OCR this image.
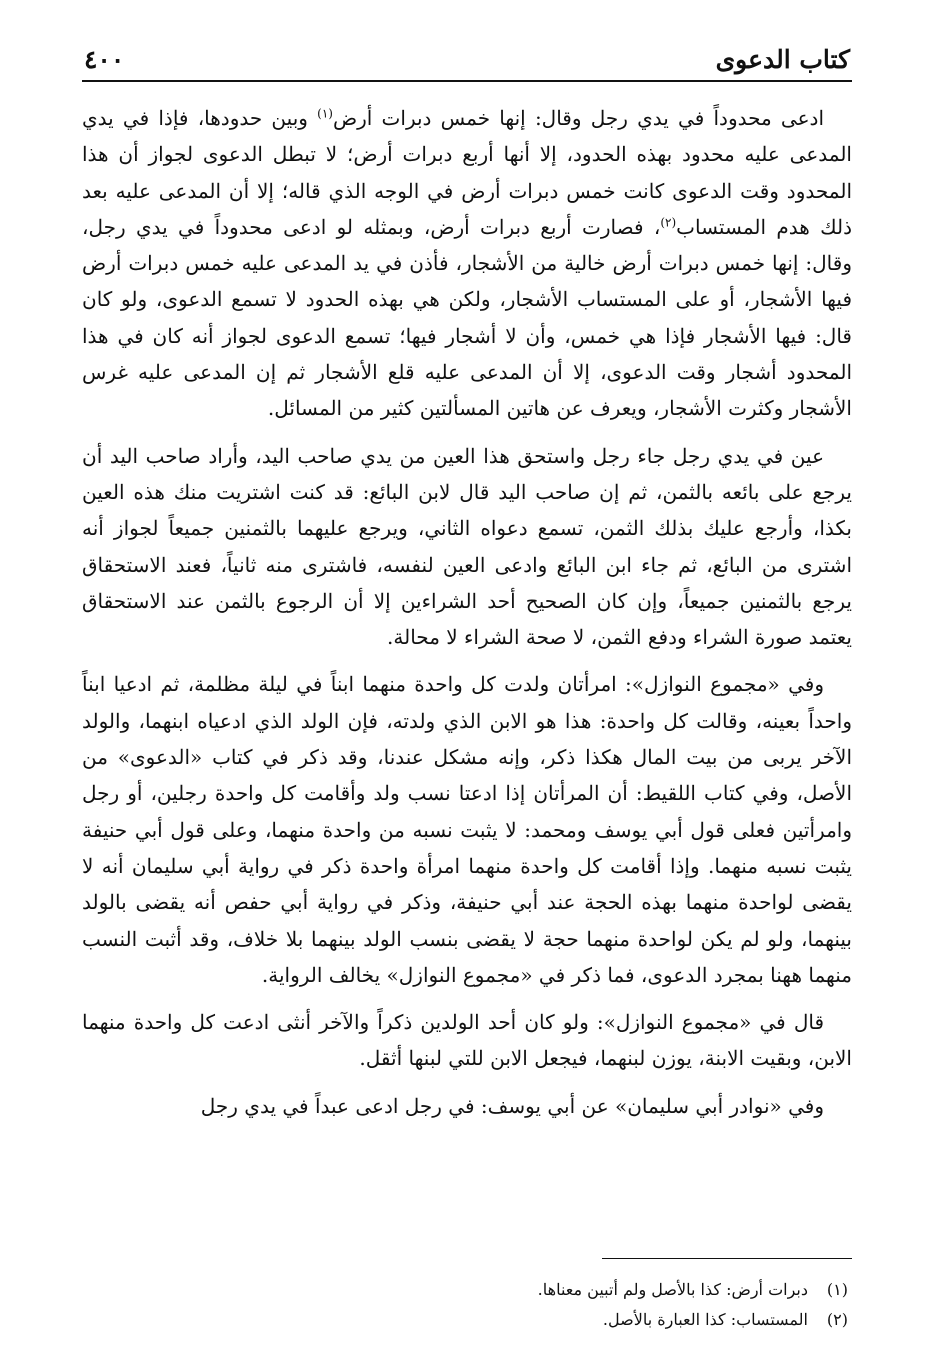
كتاب الدعوى
٤٠٠

ادعى محدوداً في يدي رجل وقال: إنها خمس دبرات أرض$^{(١)}$ وبين حدودها، فإذا في يدي المدعى عليه محدود بهذه الحدود، إلا أنها أربع دبرات أرض؛ لا تبطل الدعوى لجواز أن هذا المحدود وقت الدعوى كانت خمس دبرات أرض في الوجه الذي قاله؛ إلا أن المدعى عليه بعد ذلك هدم المستساب$^{(٢)}$، فصارت أربع دبرات أرض، وبمثله لو ادعى محدوداً في يدي رجل، وقال: إنها خمس دبرات أرض خالية من الأشجار، فأذن في يد المدعى عليه خمس دبرات أرض فيها الأشجار، أو على المستساب الأشجار، ولكن هي بهذه الحدود لا تسمع الدعوى، ولو كان قال: فيها الأشجار فإذا هي خمس، وأن لا أشجار فيها؛ تسمع الدعوى لجواز أنه كان في هذا المحدود أشجار وقت الدعوى، إلا أن المدعى عليه قلع الأشجار ثم إن المدعى عليه غرس الأشجار وكثرت الأشجار، ويعرف عن هاتين المسألتين كثير من المسائل.

عين في يدي رجل جاء رجل واستحق هذا العين من يدي صاحب اليد، وأراد صاحب اليد أن يرجع على بائعه بالثمن، ثم إن صاحب اليد قال لابن البائع: قد كنت اشتريت منك هذه العين بكذا، وأرجع عليك بذلك الثمن، تسمع دعواه الثاني، ويرجع عليهما بالثمنين جميعاً لجواز أنه اشترى من البائع، ثم جاء ابن البائع وادعى العين لنفسه، فاشترى منه ثانياً، فعند الاستحقاق يرجع بالثمنين جميعاً، وإن كان الصحيح أحد الشراءين إلا أن الرجوع بالثمن عند الاستحقاق يعتمد صورة الشراء ودفع الثمن، لا صحة الشراء لا محالة.

وفي «مجموع النوازل»: امرأتان ولدت كل واحدة منهما ابناً في ليلة مظلمة، ثم ادعيا ابناً واحداً بعينه، وقالت كل واحدة: هذا هو الابن الذي ولدته، فإن الولد الذي ادعياه ابنهما، والولد الآخر يربى من بيت المال هكذا ذكر، وإنه مشكل عندنا، وقد ذكر في كتاب «الدعوى» من الأصل، وفي كتاب اللقيط: أن المرأتان إذا ادعتا نسب ولد وأقامت كل واحدة رجلين، أو رجل وامرأتين فعلى قول أبي يوسف ومحمد: لا يثبت نسبه من واحدة منهما، وعلى قول أبي حنيفة يثبت نسبه منهما. وإذا أقامت كل واحدة منهما امرأة واحدة ذكر في رواية أبي سليمان أنه لا يقضى لواحدة منهما بهذه الحجة عند أبي حنيفة، وذكر في رواية أبي حفص أنه يقضى بالولد بينهما، ولو لم يكن لواحدة منهما حجة لا يقضى بنسب الولد بينهما بلا خلاف، وقد أثبت النسب منهما ههنا بمجرد الدعوى، فما ذكر في «مجموع النوازل» يخالف الرواية.

قال في «مجموع النوازل»: ولو كان أحد الولدين ذكراً والآخر أنثى ادعت كل واحدة منهما الابن، وبقيت الابنة، يوزن لبنهما، فيجعل الابن للتي لبنها أثقل.

وفي «نوادر أبي سليمان» عن أبي يوسف: في رجل ادعى عبداً في يدي رجل

(١)دبرات أرض: كذا بالأصل ولم أتبين معناها.
(٢)المستساب: كذا العبارة بالأصل.
